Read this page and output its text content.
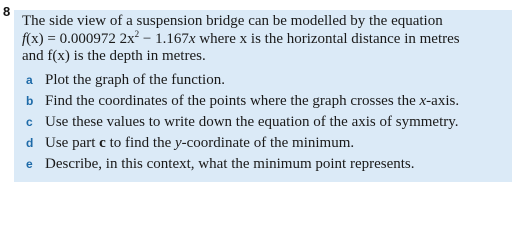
8
The side view of a suspension bridge can be modelled by the equation
f(x) = 0.000972 $2x^2 - 1.167x$ where x is the horizontal distance in metres
and f(x) is the depth in metres.
a Plot the graph of the function.
b Find the coordinates of the points where the graph crosses the x-axis.
c Use these values to write down the equation of the axis of symmetry.
d Use part c to find the y-coordinate of the minimum.
e Describe, in this context, what the minimum point represents.
